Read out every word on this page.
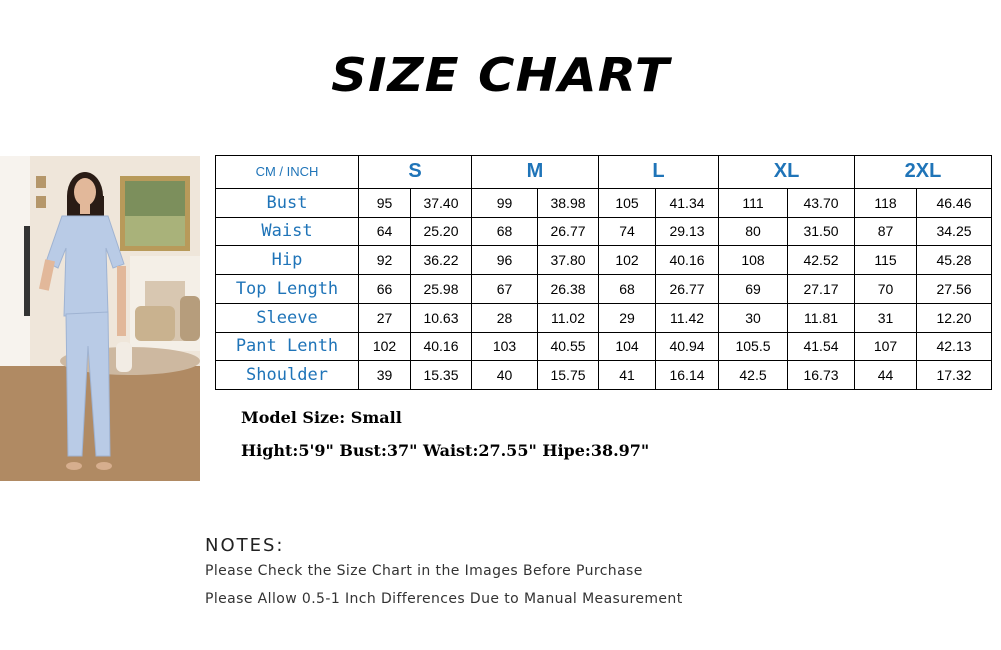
SIZE CHART
CM / INCH	S		M		L		XL		2XL	
Bust	95	37.40	99	38.98	105	41.34	111	43.70	118	46.46
Waist	64	25.20	68	26.77	74	29.13	80	31.50	87	34.25
Hip	92	36.22	96	37.80	102	40.16	108	42.52	115	45.28
Top Length	66	25.98	67	26.38	68	26.77	69	27.17	70	27.56
Sleeve	27	10.63	28	11.02	29	11.42	30	11.81	31	12.20
Pant Lenth	102	40.16	103	40.55	104	40.94	105.5	41.54	107	42.13
Shoulder	39	15.35	40	15.75	41	16.14	42.5	16.73	44	17.32
Model Size: Small
Hight:5'9" Bust:37" Waist:27.55" Hipe:38.97"
NOTES:
Please Check the Size Chart in the Images Before Purchase
Please Allow 0.5-1 Inch Differences Due to Manual Measurement
